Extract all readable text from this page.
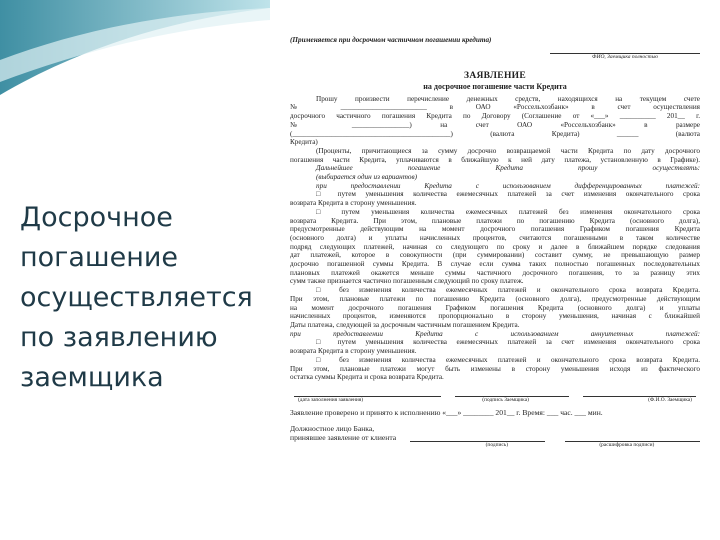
Досрочное
погашение
осуществляется
по заявлению
заемщика
(Применяется при досрочном частичном погашении кредита)
ФИО, Заемщика полностью
ЗАЯВЛЕНИЕ
на досрочное погашение части Кредита
Прошу произвести перечисление денежных средств, находящихся на текущем счете
№ ________________________ в ОАО «Россельхозбанк» в счет осуществления
досрочного частичного погашения Кредита по Договору (Соглашение от «___» __________ 201__ г.
№ ________________) на счет ОАО «Россельхозбанк» в размере
(____________________________________________) (валюта Кредита) ______ (валюта
Кредита)
(Проценты, причитающиеся за сумму досрочно возвращаемой части Кредита по дату досрочного
погашения части Кредита, уплачиваются в ближайшую к ней дату платежа, установленную в Графике).
Дальнейшее погашение Кредита прошу осуществлять:
(выбирается один из вариантов)
при предоставлении Кредита с использованием дифференцированных платежей:
□ путем уменьшения количества ежемесячных платежей за счет изменения окончательного срока
возврата Кредита в сторону уменьшения.
□ путем уменьшения количества ежемесячных платежей без изменения окончательного срока
возврата Кредита. При этом, плановые платежи по погашению Кредита (основного долга),
предусмотренные действующим на момент досрочного погашения Графиком погашения Кредита
(основного долга) и уплаты начисленных процентов, считаются погашенными в таком количестве
подряд следующих платежей, начиная со следующего по сроку и далее в ближайшем порядке следования
дат платежей, которое в совокупности (при суммировании) составит сумму, не превышающую размер
досрочно погашенной суммы Кредита. В случае если сумма таких полностью погашенных последовательных
плановых платежей окажется меньше суммы частичного досрочного погашения, то за разницу этих
сумм также признается частично погашенным следующий по сроку платеж.
□ без изменения количества ежемесячных платежей и окончательного срока возврата Кредита.
При этом, плановые платежи по погашению Кредита (основного долга), предусмотренные действующим
на момент досрочного погашения Графиком погашения Кредита (основного долга) и уплаты
начисленных процентов, изменяются пропорционально в сторону уменьшения, начиная с ближайшей
Даты платежа, следующей за досрочным частичным погашением Кредита.
при предоставлении Кредита с использованием аннуитетных платежей:
□ путем уменьшения количества ежемесячных платежей за счет изменения окончательного срока
возврата Кредита в сторону уменьшения.
□ без изменения количества ежемесячных платежей и окончательного срока возврата Кредита.
При этом, плановые платежи могут быть изменены в сторону уменьшения исходя из фактического
остатка суммы Кредита и срока возврата Кредита.
(дата заполнения заявления)	(подпись Заемщика)	(Ф.И.О. Заемщика)
Заявление проверено и принято к исполнению «___» ________ 201__ г. Время: ___ час. ___ мин.
Должностное лицо Банка,
принявшее заявление от клиента
(подпись)	(расшифровка подписи)
